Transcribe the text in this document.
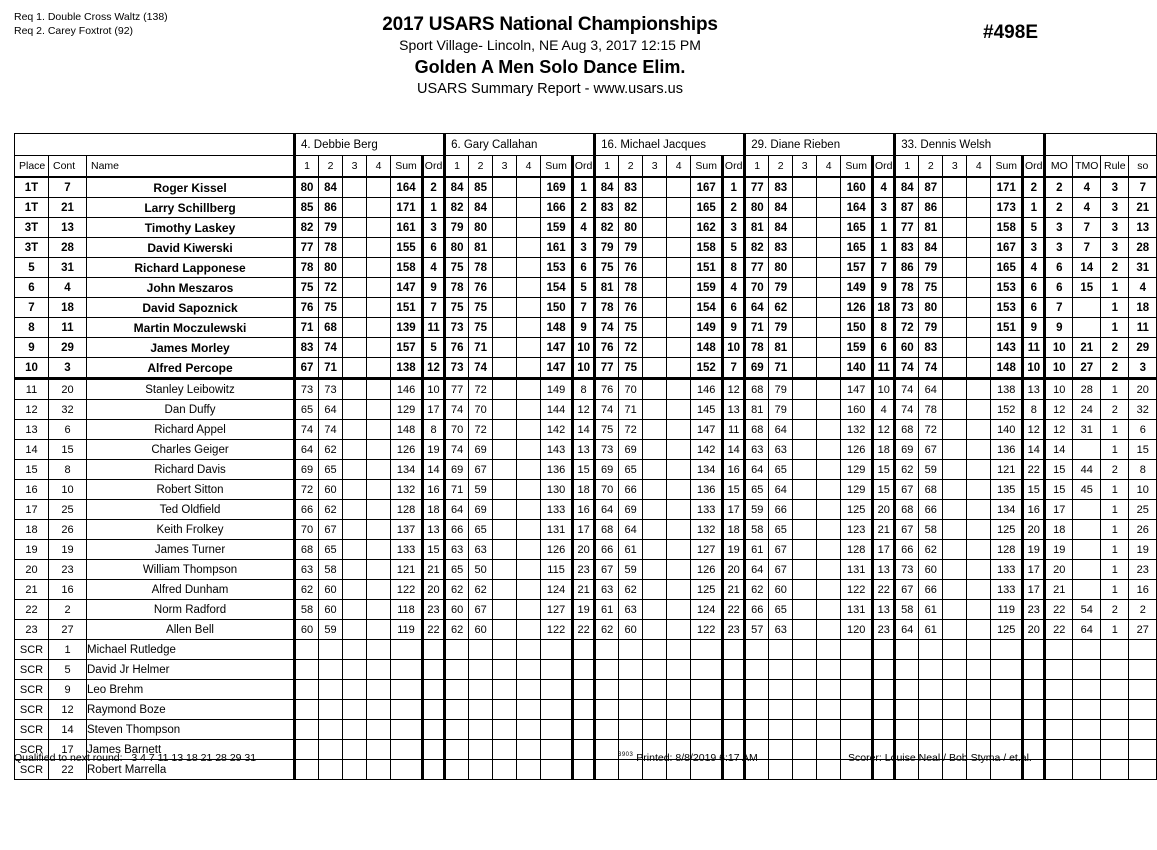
Req 1. Double Cross Waltz (138)
Req 2. Carey Foxtrot (92)	2017 USARS National Championships
Sport Village- Lincoln, NE Aug 3, 2017 12:15 PM
Golden A Men Solo Dance Elim.
USARS Summary Report - www.usars.us
#498E
			4. Debbie Berg						6. Gary Callahan						16. Michael Jacques						29. Diane Rieben						33. Dennis Welsh									
Place	Cont	Name	1	2	3	4	Sum	Ord	1	2	3	4	Sum	Ord	1	2	3	4	Sum	Ord	1	2	3	4	Sum	Ord	1	2	3	4	Sum	Ord	MO	TMO	Rule	so
1T	7	Roger Kissel	80	84			164	2	84	85			169	1	84	83			167	1	77	83			160	4	84	87			171	2	2	4	3	7
1T	21	Larry Schillberg	85	86			171	1	82	84			166	2	83	82			165	2	80	84			164	3	87	86			173	1	2	4	3	21
3T	13	Timothy Laskey	82	79			161	3	79	80			159	4	82	80			162	3	81	84			165	1	77	81			158	5	3	7	3	13
3T	28	David Kiwerski	77	78			155	6	80	81			161	3	79	79			158	5	82	83			165	1	83	84			167	3	3	7	3	28
5	31	Richard Lapponese	78	80			158	4	75	78			153	6	75	76			151	8	77	80			157	7	86	79			165	4	6	14	2	31
6	4	John Meszaros	75	72			147	9	78	76			154	5	81	78			159	4	70	79			149	9	78	75			153	6	6	15	1	4
7	18	David Sapoznick	76	75			151	7	75	75			150	7	78	76			154	6	64	62			126	18	73	80			153	6	7		1	18
8	11	Martin Moczulewski	71	68			139	11	73	75			148	9	74	75			149	9	71	79			150	8	72	79			151	9	9		1	11
9	29	James Morley	83	74			157	5	76	71			147	10	76	72			148	10	78	81			159	6	60	83			143	11	10	21	2	29
10	3	Alfred Percope	67	71			138	12	73	74			147	10	77	75			152	7	69	71			140	11	74	74			148	10	10	27	2	3
11	20	Stanley Leibowitz	73	73			146	10	77	72			149	8	76	70			146	12	68	79			147	10	74	64			138	13	10	28	1	20
12	32	Dan Duffy	65	64			129	17	74	70			144	12	74	71			145	13	81	79			160	4	74	78			152	8	12	24	2	32
13	6	Richard Appel	74	74			148	8	70	72			142	14	75	72			147	11	68	64			132	12	68	72			140	12	12	31	1	6
14	15	Charles Geiger	64	62			126	19	74	69			143	13	73	69			142	14	63	63			126	18	69	67			136	14	14		1	15
15	8	Richard Davis	69	65			134	14	69	67			136	15	69	65			134	16	64	65			129	15	62	59			121	22	15	44	2	8
16	10	Robert Sitton	72	60			132	16	71	59			130	18	70	66			136	15	65	64			129	15	67	68			135	15	15	45	1	10
17	25	Ted Oldfield	66	62			128	18	64	69			133	16	64	69			133	17	59	66			125	20	68	66			134	16	17		1	25
18	26	Keith Frolkey	70	67			137	13	66	65			131	17	68	64			132	18	58	65			123	21	67	58			125	20	18		1	26
19	19	James Turner	68	65			133	15	63	63			126	20	66	61			127	19	61	67			128	17	66	62			128	19	19		1	19
20	23	William Thompson	63	58			121	21	65	50			115	23	67	59			126	20	64	67			131	13	73	60			133	17	20		1	23
21	16	Alfred Dunham	62	60			122	20	62	62			124	21	63	62			125	21	62	60			122	22	67	66			133	17	21		1	16
22	2	Norm Radford	58	60			118	23	60	67			127	19	61	63			124	22	66	65			131	13	58	61			119	23	22	54	2	2
23	27	Allen Bell	60	59			119	22	62	60			122	22	62	60			122	23	57	63			120	23	64	61			125	20	22	64	1	27
SCR	1	Michael Rutledge																																		
SCR	5	David Jr Helmer																																		
SCR	9	Leo Brehm																																		
SCR	12	Raymond Boze																																		
SCR	14	Steven Thompson																																		
SCR	17	James Barnett																																		
SCR	22	Robert Marrella																																		
Qualified to next round: 3 4 7 11 13 18 21 28 29 31	$^{3903}$ Printed: 8/8/2019 6:17 AM	Scorer: Louise Neal / Bob Styma / et.al.
